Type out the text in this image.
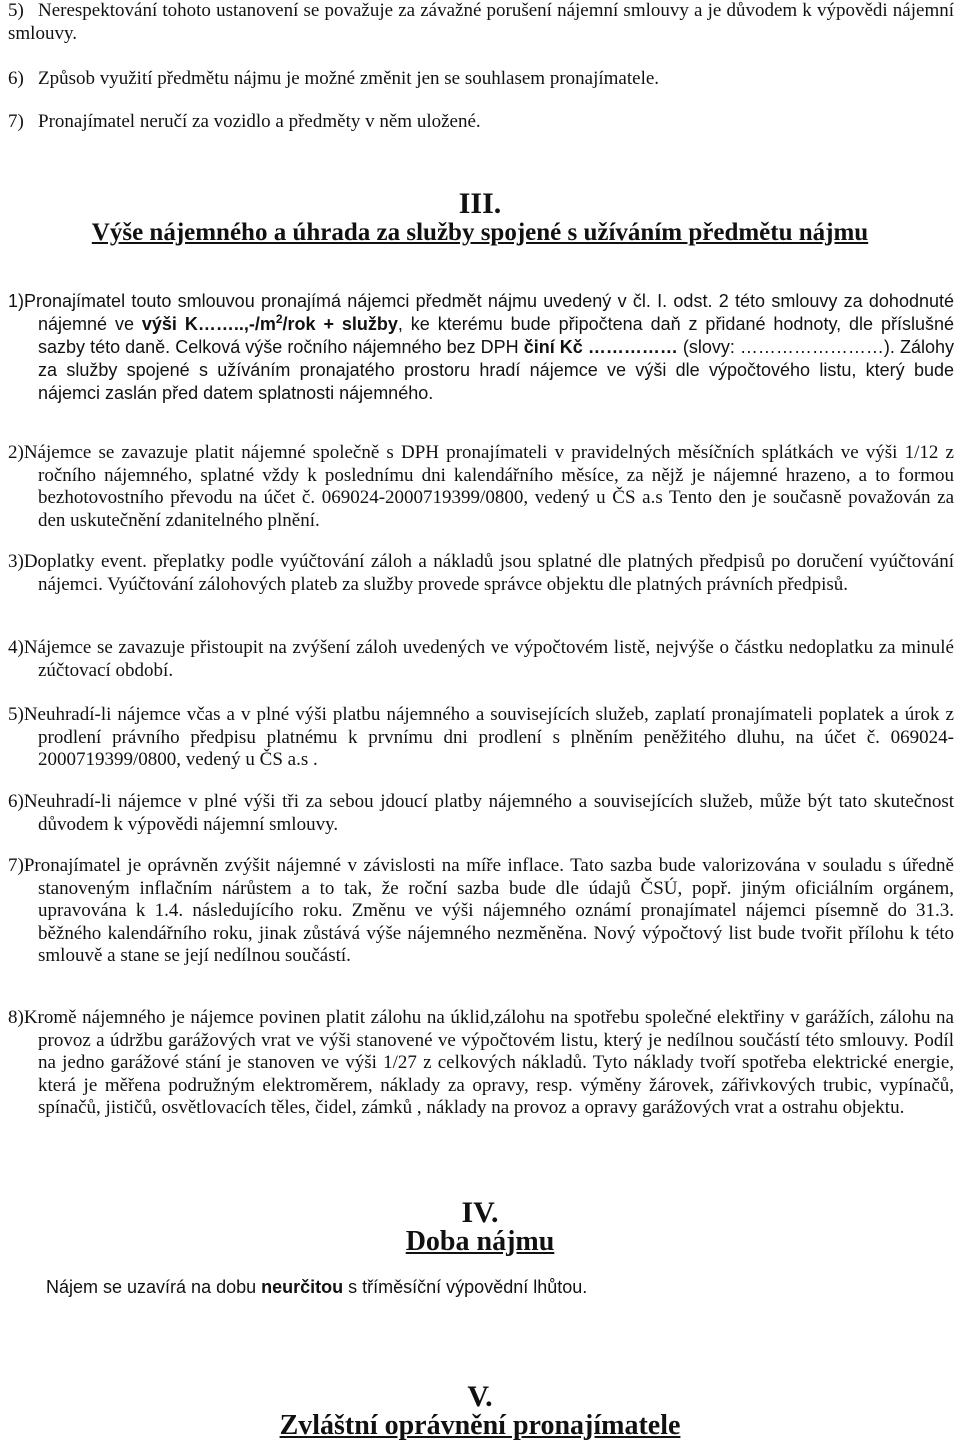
5) Nerespektování tohoto ustanovení se považuje za závažné porušení nájemní smlouvy a je důvodem k výpovědi nájemní smlouvy.

6) Způsob využití předmětu nájmu je možné změnit jen se souhlasem pronajímatele.

7) Pronajímatel neručí za vozidlo a předměty v něm uložené.

III.
Výše nájemného a úhrada za služby spojené s užíváním předmětu nájmu

1)Pronajímatel touto smlouvou pronajímá nájemci předmět nájmu uvedený v čl. I. odst. 2 této smlouvy za dohodnuté nájemné ve výši $K\dots\dots..,-/m^2$/rok + služby, ke kterému bude připočtena daň z přidané hodnoty, dle příslušné sazby této daně. Celková výše ročního nájemného bez DPH činí Kč …………… (slovy: ……………………). Zálohy za služby spojené s užíváním pronajatého prostoru hradí nájemce ve výši dle výpočtového listu, který bude nájemci zaslán před datem splatnosti nájemného.

2)Nájemce se zavazuje platit nájemné společně s DPH pronajímateli v pravidelných měsíčních splátkách ve výši 1/12 z ročního nájemného, splatné vždy k poslednímu dni kalendářního měsíce, za nějž je nájemné hrazeno, a to formou bezhotovostního převodu na účet č. 069024-2000719399/0800, vedený u ČS a.s Tento den je současně považován za den uskutečnění zdanitelného plnění.

3)Doplatky event. přeplatky podle vyúčtování záloh a nákladů jsou splatné dle platných předpisů po doručení vyúčtování nájemci. Vyúčtování zálohových plateb za služby provede správce objektu dle platných právních předpisů.

4)Nájemce se zavazuje přistoupit na zvýšení záloh uvedených ve výpočtovém listě, nejvýše o částku nedoplatku za minulé zúčtovací období.

5)Neuhradí-li nájemce včas a v plné výši platbu nájemného a souvisejících služeb, zaplatí pronajímateli poplatek a úrok z prodlení právního předpisu platnému k prvnímu dni prodlení s plněním peněžitého dluhu, na účet č. 069024-2000719399/0800, vedený u ČS a.s .

6)Neuhradí-li nájemce v plné výši tři za sebou jdoucí platby nájemného a souvisejících služeb, může být tato skutečnost důvodem k výpovědi nájemní smlouvy.

7)Pronajímatel je oprávněn zvýšit nájemné v závislosti na míře inflace. Tato sazba bude valorizována v souladu s úředně stanoveným inflačním nárůstem a to tak, že roční sazba bude dle údajů ČSÚ, popř. jiným oficiálním orgánem, upravována k 1.4. následujícího roku. Změnu ve výši nájemného oznámí pronajímatel nájemci písemně do 31.3. běžného kalendářního roku, jinak zůstává výše nájemného nezměněna. Nový výpočtový list bude tvořit přílohu k této smlouvě a stane se její nedílnou součástí.

8)Kromě nájemného je nájemce povinen platit zálohu na úklid,zálohu na spotřebu společné elektřiny v garážích, zálohu na provoz a údržbu garážových vrat ve výši stanovené ve výpočtovém listu, který je nedílnou součástí této smlouvy. Podíl na jedno garážové stání je stanoven ve výši 1/27 z celkových nákladů. Tyto náklady tvoří spotřeba elektrické energie, která je měřena podružným elektroměrem, náklady za opravy, resp. výměny žárovek, zářivkových trubic, vypínačů, spínačů, jističů, osvětlovacích těles, čidel, zámků , náklady na provoz a opravy garážových vrat a ostrahu objektu.

IV.
Doba nájmu

Nájem se uzavírá na dobu neurčitou s tříměsíční výpovědní lhůtou.

V.
Zvláštní oprávnění pronajímatele
